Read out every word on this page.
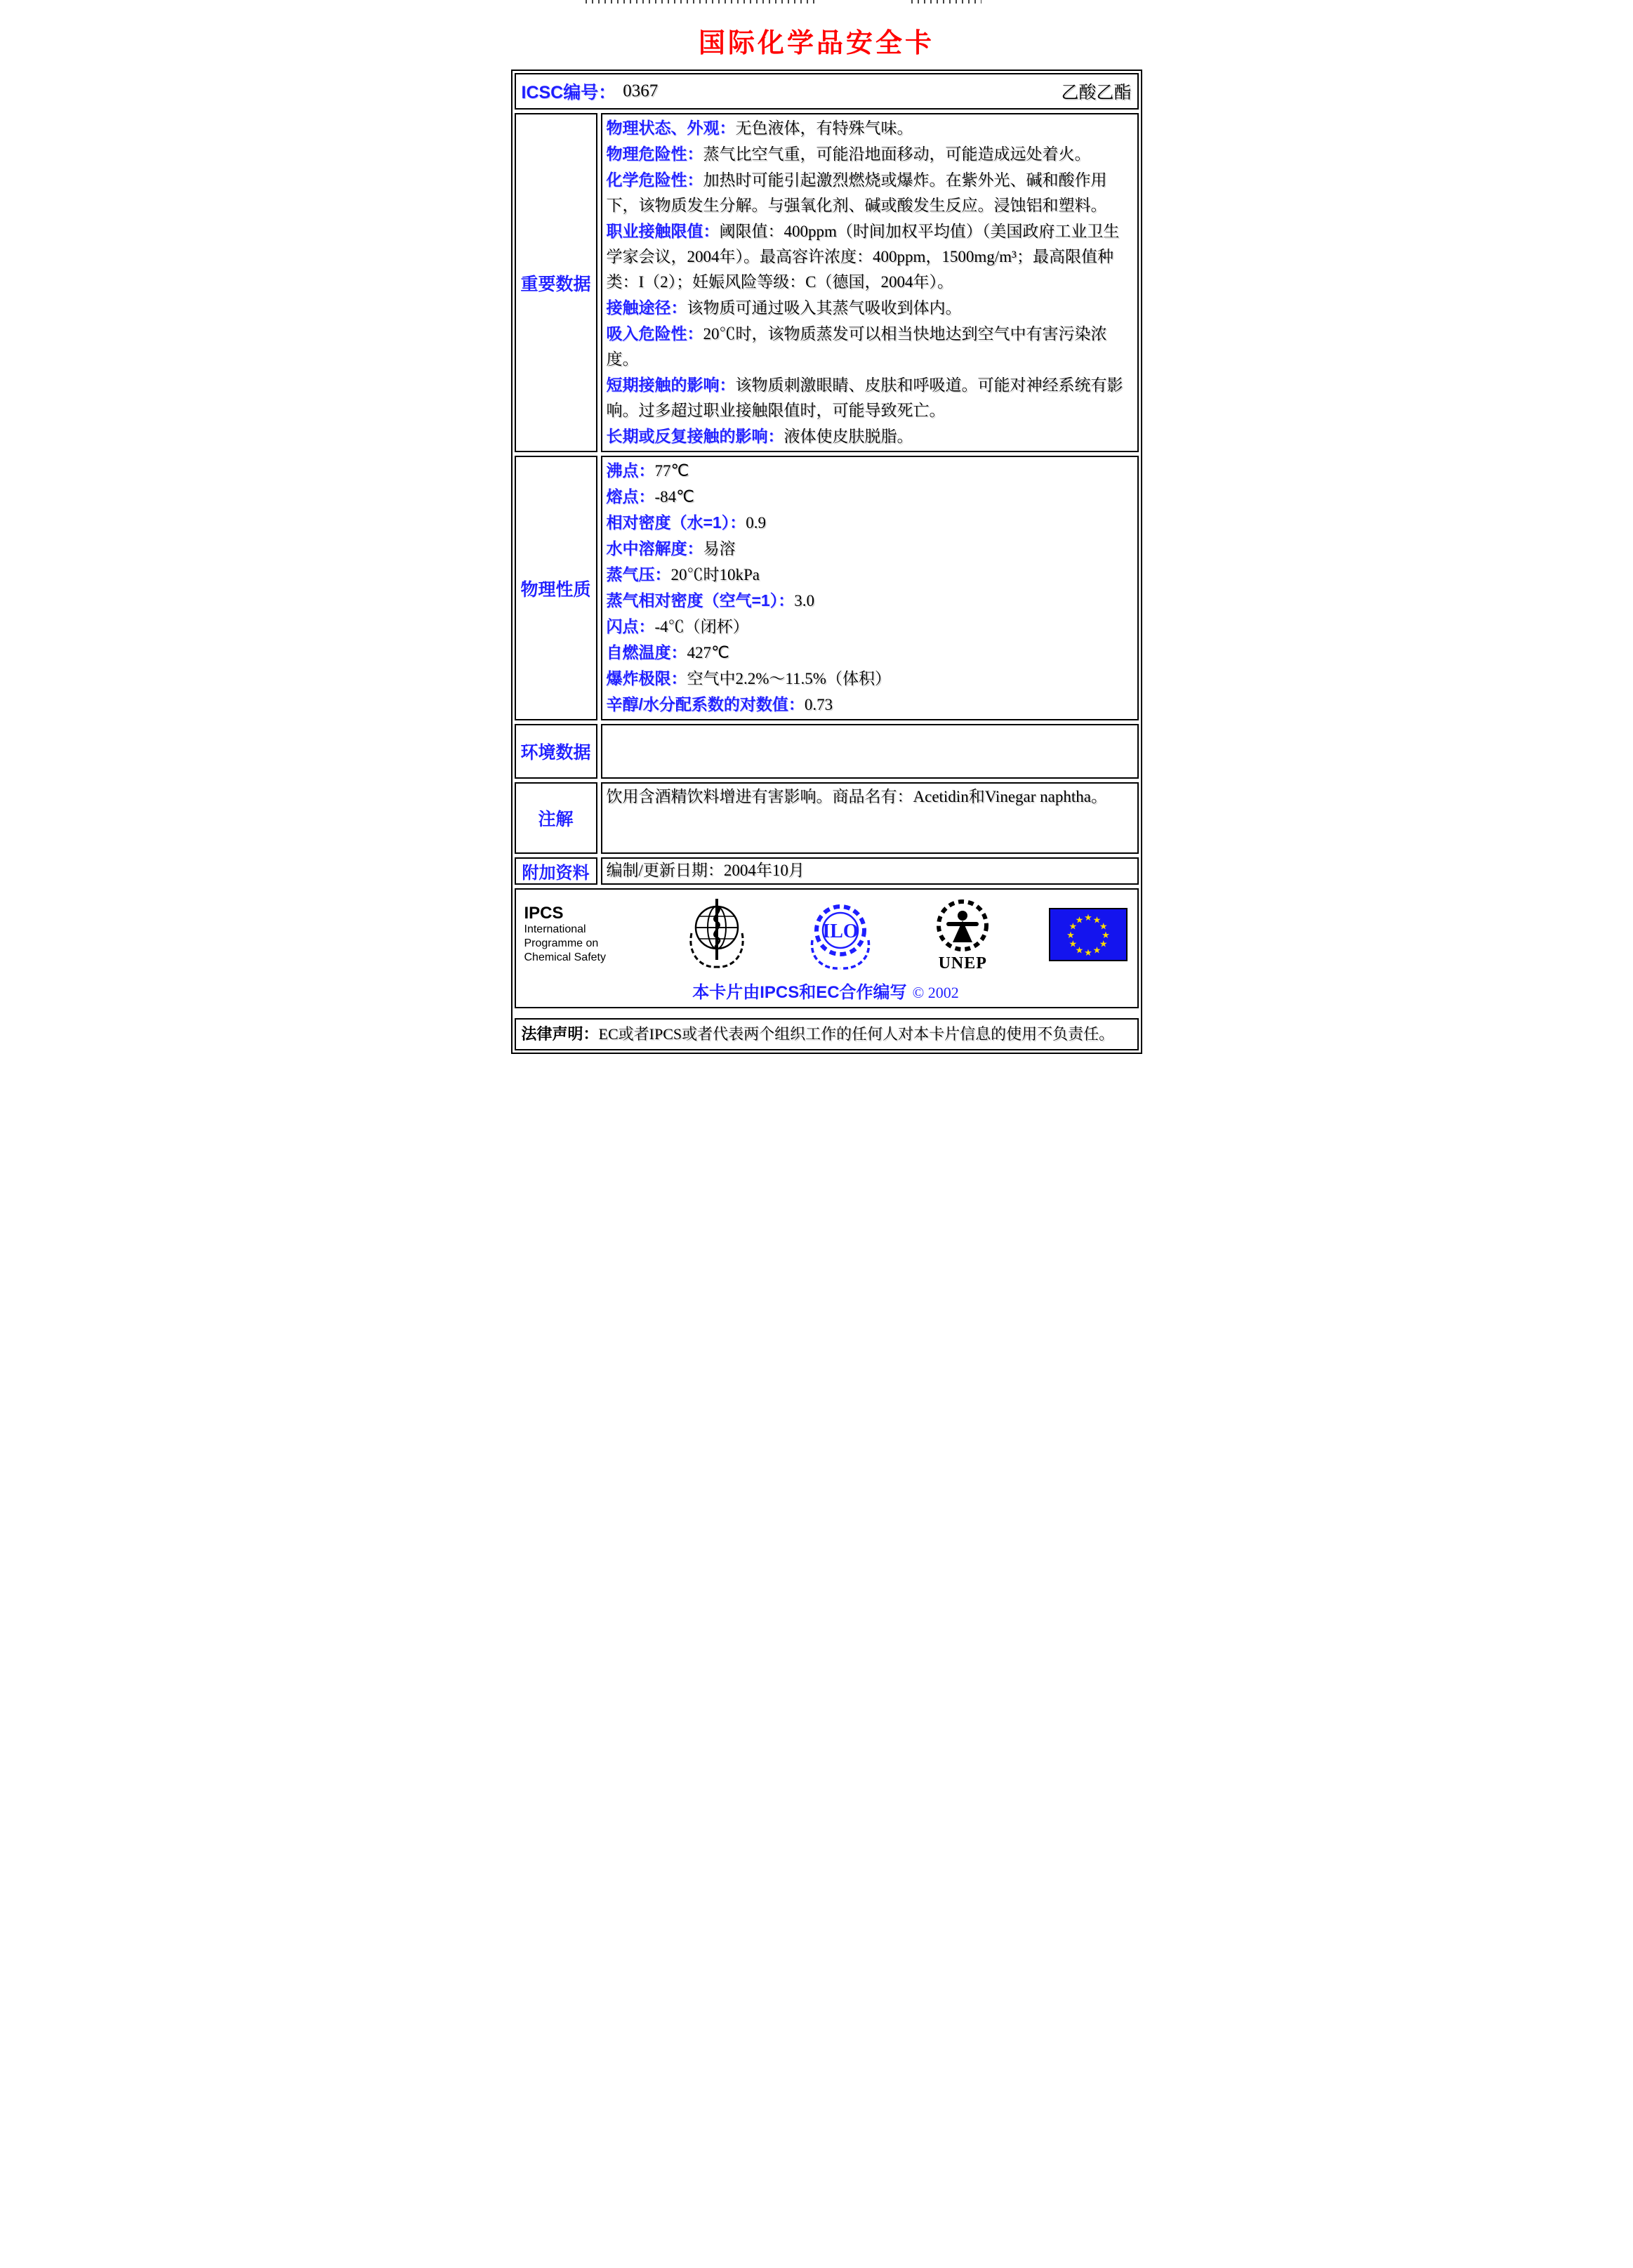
国际化学品安全卡
ICSC编号： 0367	乙酸乙酯
重要数据
物理状态、外观：无色液体，有特殊气味。
物理危险性：蒸气比空气重，可能沿地面移动，可能造成远处着火。
化学危险性：加热时可能引起激烈燃烧或爆炸。在紫外光、碱和酸作用下，该物质发生分解。与强氧化剂、碱或酸发生反应。浸蚀铝和塑料。
职业接触限值：阈限值：400ppm（时间加权平均值）（美国政府工业卫生学家会议，2004年）。最高容许浓度：400ppm，1500mg/m³；最高限值种类：I（2）；妊娠风险等级：C（德国，2004年）。
接触途径：该物质可通过吸入其蒸气吸收到体内。
吸入危险性：20℃时，该物质蒸发可以相当快地达到空气中有害污染浓度。
短期接触的影响：该物质刺激眼睛、皮肤和呼吸道。可能对神经系统有影响。过多超过职业接触限值时，可能导致死亡。
长期或反复接触的影响：液体使皮肤脱脂。
物理性质
沸点：77℃
熔点：-84℃
相对密度（水=1）：0.9
水中溶解度：易溶
蒸气压：20℃时10kPa
蒸气相对密度（空气=1）：3.0
闪点：-4℃（闭杯）
自燃温度：427℃
爆炸极限：空气中2.2%～11.5%（体积）
辛醇/水分配系数的对数值：0.73
环境数据
注解
饮用含酒精饮料增进有害影响。商品名有：Acetidin和Vinegar naphtha。
附加资料	编制/更新日期：2004年10月
IPCS
International
Programme on
Chemical Safety
ILO
UNEP
★ ★
★
★
★
★
★
★
★
★
★
★
本卡片由IPCS和EC合作编写 © 2002
法律声明：EC或者IPCS或者代表两个组织工作的任何人对本卡片信息的使用不负责任。
